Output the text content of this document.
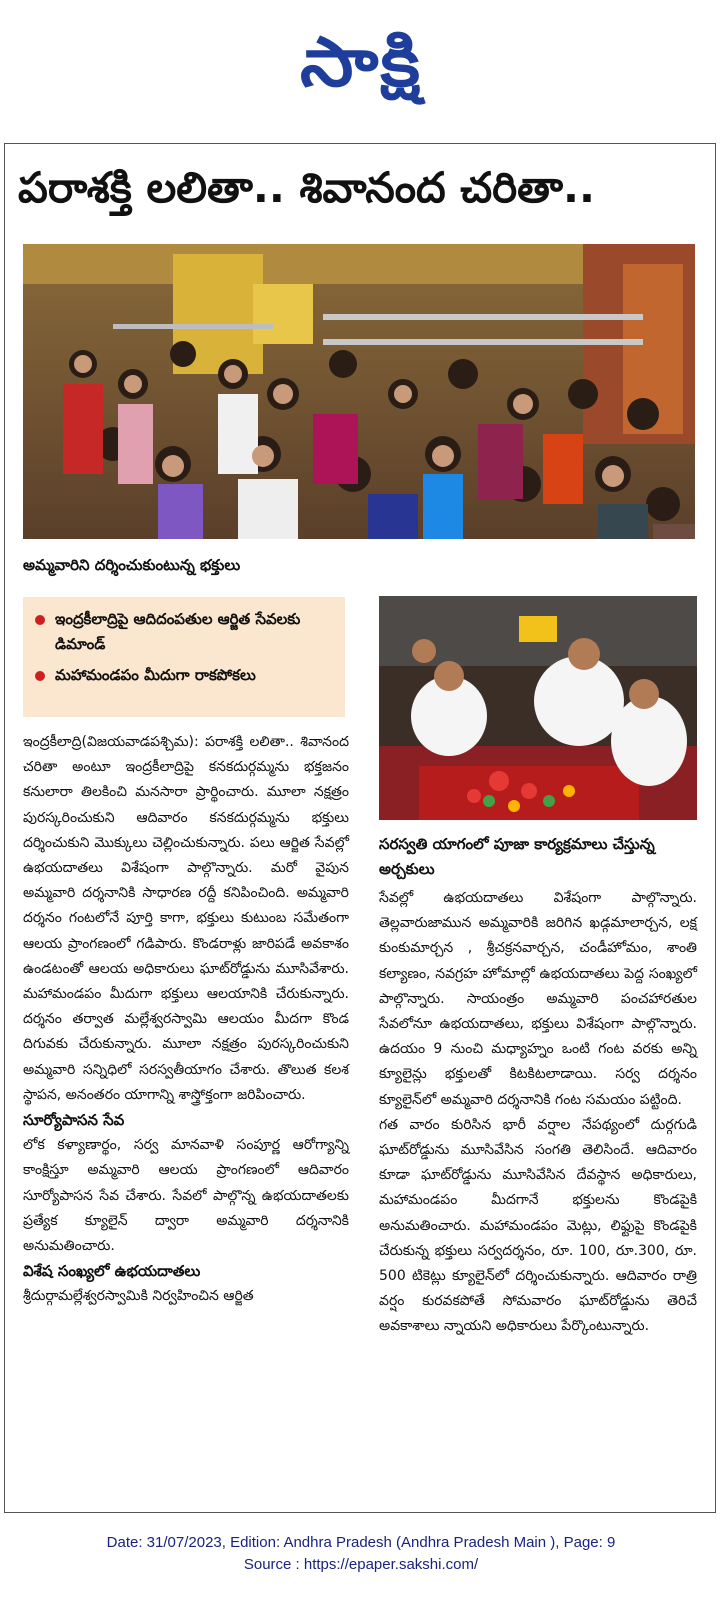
సాక్షి
పరాశక్తి లలితా.. శివానంద చరితా..
అమ్మవారిని దర్శించుకుంటున్న భక్తులు
ఇంద్రకీలాద్రిపై ఆదిదంపతుల ఆర్జిత సేవలకు డిమాండ్
మహామండపం మీదుగా రాకపోకలు
సరస్వతి యాగంలో పూజా కార్యక్రమాలు చేస్తున్న అర్చకులు

ఇంద్రకీలాద్రి(విజయవాడపశ్చిమ): పరాశక్తి లలితా.. శివానంద చరితా అంటూ ఇంద్రకీలాద్రిపై కనకదుర్గమ్మను భక్తజనం కనులారా తిలకించి మనసారా ప్రార్థించారు. మూలా నక్షత్రం పురస్కరించుకుని ఆదివారం కనకదుర్గమ్మను భక్తులు దర్శించుకుని మొక్కులు చెల్లించుకున్నారు. పలు ఆర్జిత సేవల్లో ఉభయదాతలు విశేషంగా పాల్గొన్నారు. మరో వైపున అమ్మవారి దర్శనానికి సాధారణ రద్దీ కనిపించింది. అమ్మవారి దర్శనం గంటలోనే పూర్తి కాగా, భక్తులు కుటుంబ సమేతంగా ఆలయ ప్రాంగణంలో గడిపారు. కొండరాళ్లు జారిపడే అవకాశం ఉండటంతో ఆలయ అధికారులు ఘాట్‌రోడ్డును మూసివేశారు. మహామండపం మీదుగా భక్తులు ఆలయానికి చేరుకున్నారు. దర్శనం తర్వాత మల్లేశ్వరస్వామి ఆలయం మీదగా కొండ దిగువకు చేరుకున్నారు. మూలా నక్షత్రం పురస్కరించుకుని అమ్మవారి సన్నిధిలో సరస్వతీయాగం చేశారు. తొలుత కలశ స్థాపన, అనంతరం యాగాన్ని శాస్త్రోక్తంగా జరిపించారు.

సూర్యోపాసన సేవ

లోక కళ్యాణార్థం, సర్వ మానవాళి సంపూర్ణ ఆరోగ్యాన్ని కాంక్షిస్తూ అమ్మవారి ఆలయ ప్రాంగణంలో ఆదివారం సూర్యోపాసన సేవ చేశారు. సేవలో పాల్గొన్న ఉభయదాతలకు ప్రత్యేక క్యూలైన్ ద్వారా అమ్మవారి దర్శనానికి అనుమతించారు.

విశేష సంఖ్యలో ఉభయదాతలు

శ్రీదుర్గామల్లేశ్వరస్వామికి నిర్వహించిన ఆర్జిత

సేవల్లో ఉభయదాతలు విశేషంగా పాల్గొన్నారు. తెల్లవారుజామున అమ్మవారికి జరిగిన ఖడ్గమాలార్చన, లక్ష కుంకుమార్చన , శ్రీచక్రనవార్చన, చండీహోమం, శాంతి కల్యాణం, నవగ్రహ హోమాల్లో ఉభయదాతలు పెద్ద సంఖ్యలో పాల్గొన్నారు. సాయంత్రం అమ్మవారి పంచహారతుల సేవలోనూ ఉభయదాతలు, భక్తులు విశేషంగా పాల్గొన్నారు. ఉదయం 9 నుంచి మధ్యాహ్నం ఒంటి గంట వరకు అన్ని క్యూలైన్లు భక్తులతో కిటకిటలాడాయి. సర్వ దర్శనం క్యూలైన్‌లో అమ్మవారి దర్శనానికి గంట సమయం పట్టింది.

గత వారం కురిసిన భారీ వర్షాల నేపథ్యంలో దుర్గగుడి ఘాట్‌రోడ్డును మూసివేసిన సంగతి తెలిసిందే. ఆదివారం కూడా ఘాట్‌రోడ్డును మూసివేసిన దేవస్థాన అధికారులు, మహామండపం మీదగానే భక్తులను కొండపైకి అనుమతించారు. మహామండపం మెట్లు, లిఫ్టుపై కొండపైకి చేరుకున్న భక్తులు సర్వదర్శనం, రూ. 100, రూ.300, రూ. 500 టికెట్లు క్యూలైన్‌లో దర్శించుకున్నారు. ఆదివారం రాత్రి వర్షం కురవకపోతే సోమవారం ఘాట్‌రోడ్డును తెరిచే అవకాశాలు న్నాయని అధికారులు పేర్కొంటున్నారు.

Date: 31/07/2023, Edition: Andhra Pradesh (Andhra Pradesh Main ), Page: 9
Source : https://epaper.sakshi.com/
